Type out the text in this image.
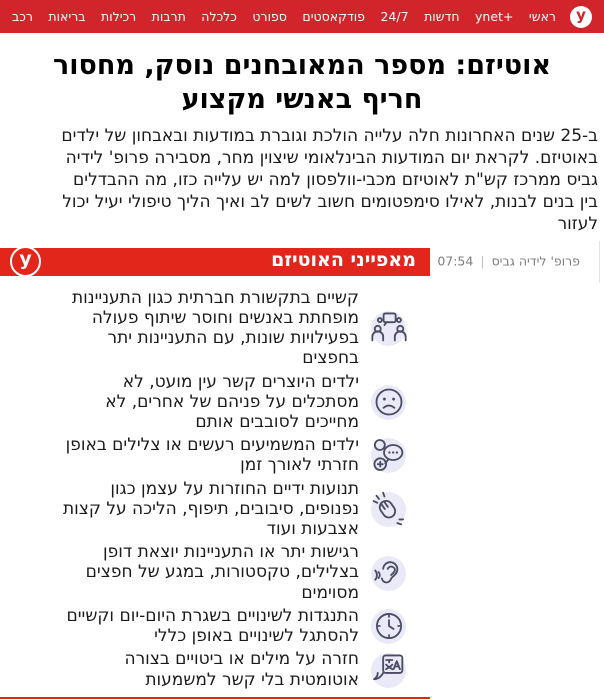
y
ראשי
ynet+
חדשות
24/7
פודקאסטים
ספורט
כלכלה
תרבות
רכילות
בריאות
רכב
אוטיזם: מספר המאובחנים נוסק, מחסור חריף באנשי מקצוע

ב-25 שנים האחרונות חלה עלייה הולכת וגוברת במודעות ובאבחון של ילדים באוטיזם. לקראת יום המודעות הבינלאומי שיצוין מחר, מסבירה פרופ' לידיה גביס ממרכז קש"ת לאוטיזם מכבי-וולפסון למה יש עלייה כזו, מה ההבדלים בין בנים לבנות, לאילו סימפטומים חשוב לשים לב ואיך הליך טיפולי יעיל יכול לעזור

מאפייני האוטיזם
y	פרופ' לידיה גביס|07:54
קשיים בתקשורת חברתית כגון התעניינות מופחתת באנשים וחוסר שיתוף פעולה בפעילויות שונות, עם התעניינות יתר בחפצים
ילדים היוצרים קשר עין מועט, לא מסתכלים על פניהם של אחרים, לא מחייכים לסובבים אותם
ילדים המשמיעים רעשים או צלילים באופן חזרתי לאורך זמן
תנועות ידיים החוזרות על עצמן כגון נפנופים, סיבובים, תיפוף, הליכה על קצות אצבעות ועוד
רגישות יתר או התעניינות יוצאת דופן בצלילים, טקסטורות, במגע של חפצים מסוימים
התנגדות לשינויים בשגרת היום-יום וקשיים להסתגל לשינויים באופן כללי
חזרה על מילים או ביטויים בצורה אוטומטית בלי קשר למשמעות
